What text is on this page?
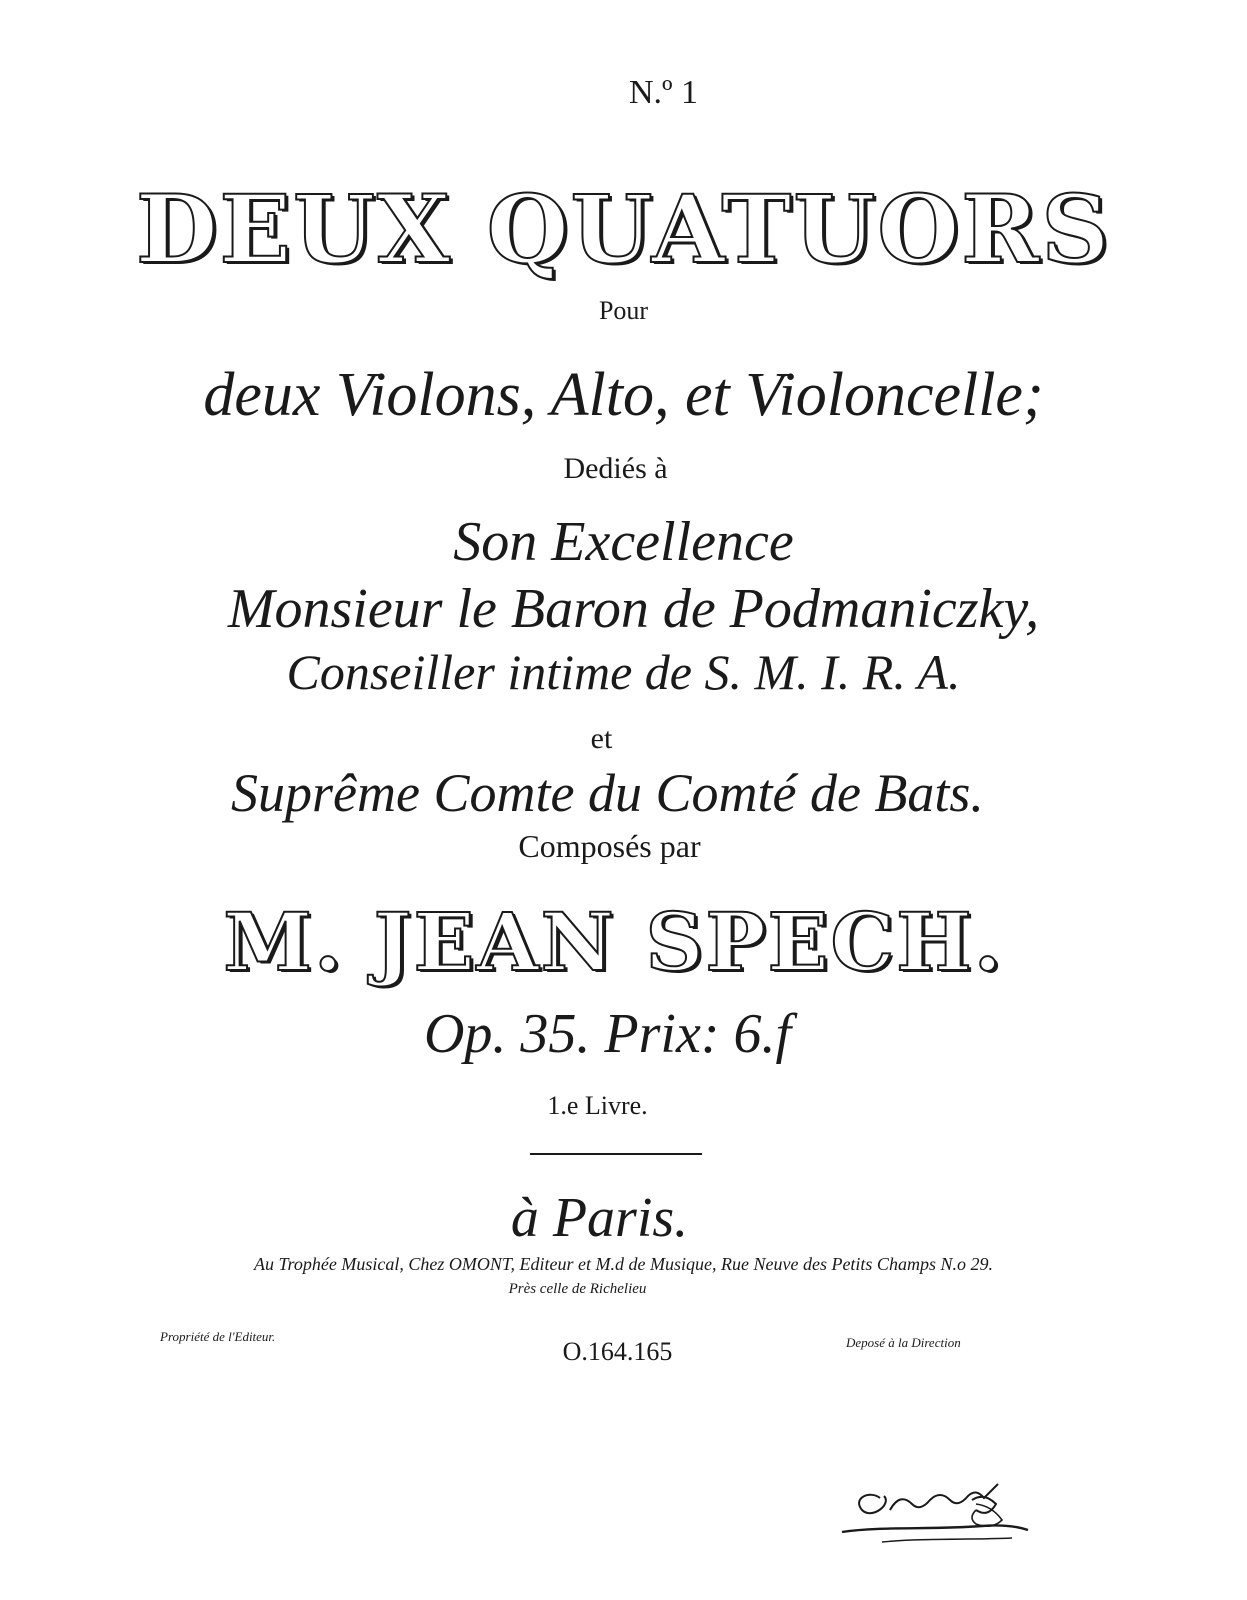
N.º 1
DEUX QUATUORS
Pour
deux Violons, Alto, et Violoncelle;
Dediés à
Son Excellence
Monsieur le Baron de Podmaniczky,
Conseiller intime de S. M. I. R. A.
et
Suprême Comte du Comté de Bats.
Composés par
M. JEAN SPECH.
Op. 35. Prix: 6.f
1.e Livre.
à Paris.
Au Trophée Musical, Chez OMONT, Editeur et M.d de Musique, Rue Neuve des Petits Champs N.o 29.
Près celle de Richelieu
Propriété de l'Editeur.
O.164.165	Deposé à la Direction
